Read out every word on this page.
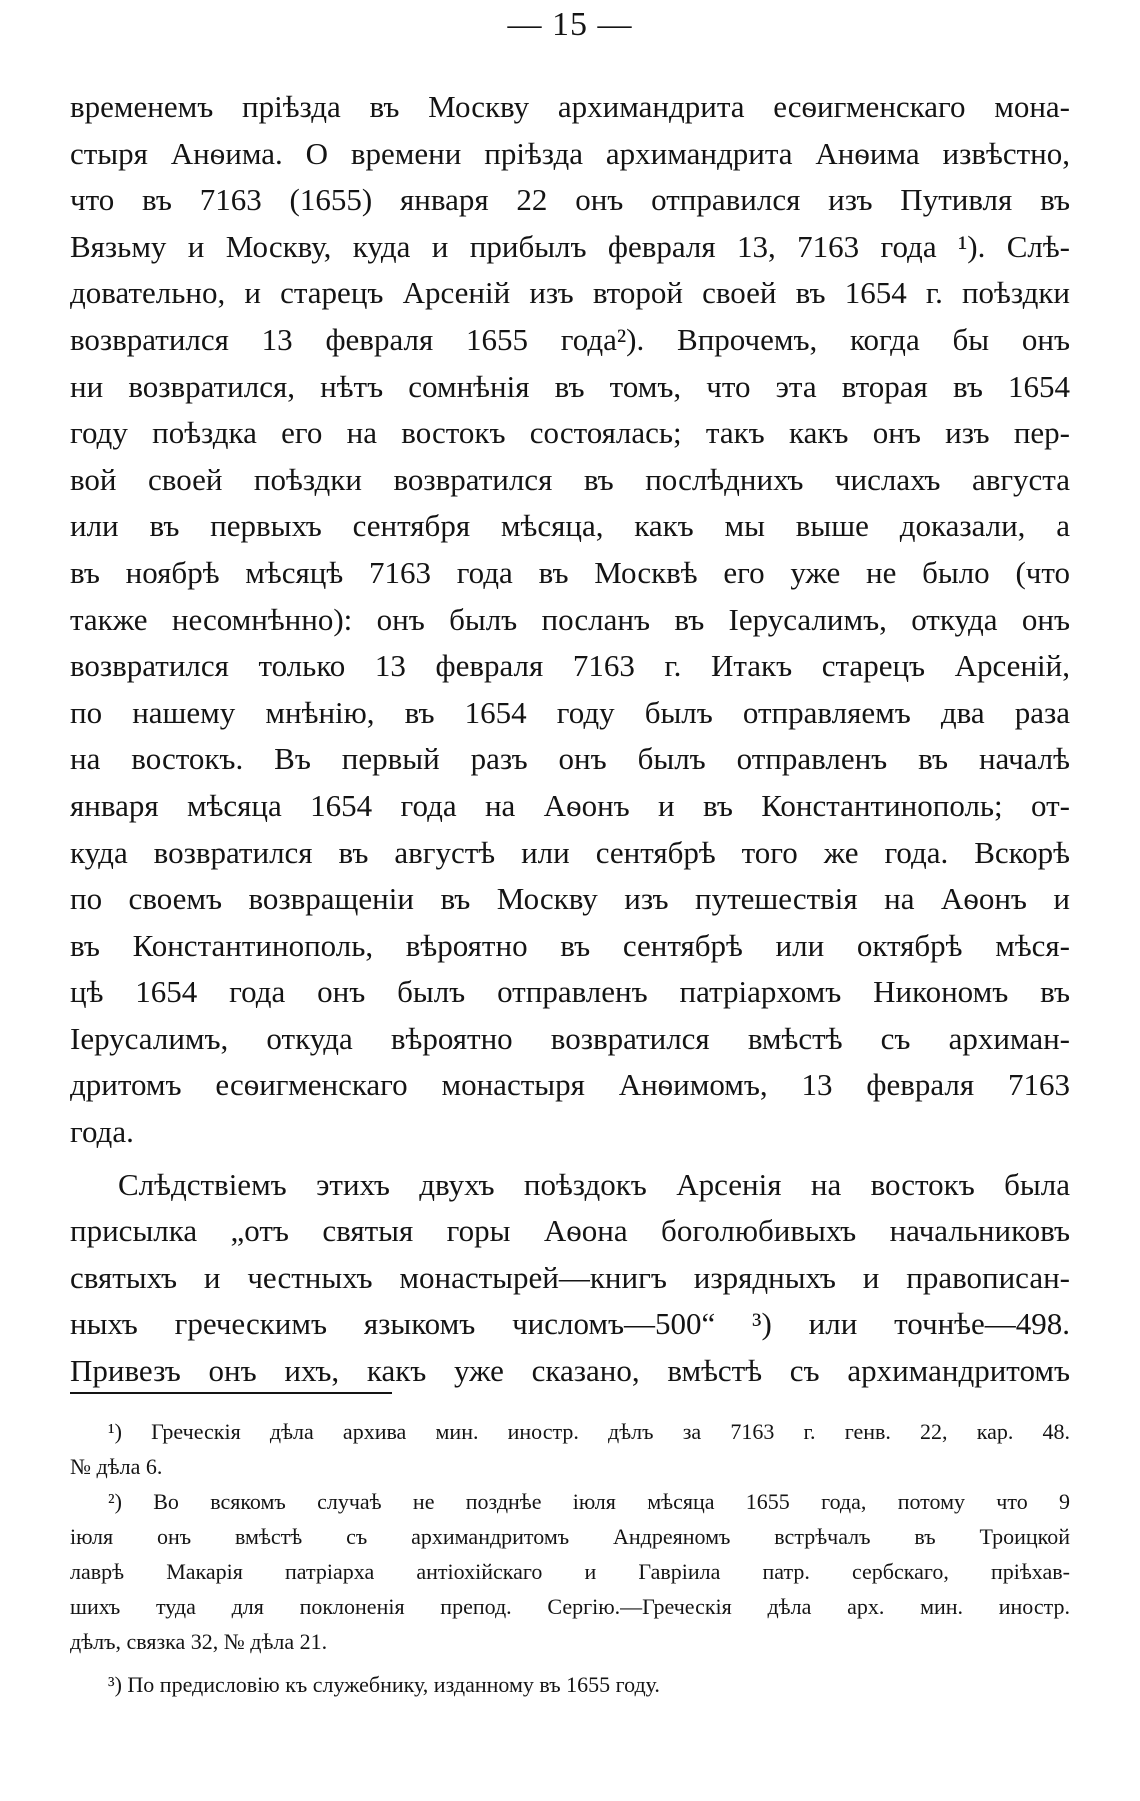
— 15 —
временемъ пріѣзда въ Москву архимандрита есѳигменскаго мона-
стыря Анѳима. О времени пріѣзда архимандрита Анѳима извѣстно,
что въ 7163 (1655) января 22 онъ отправился изъ Путивля въ
Вязьму и Москву, куда и прибылъ февраля 13, 7163 года ¹). Слѣ-
довательно, и старецъ Арсеній изъ второй своей въ 1654 г. поѣздки
возвратился 13 февраля 1655 года²). Впрочемъ, когда бы онъ
ни возвратился, нѣтъ сомнѣнія въ томъ, что эта вторая въ 1654
году поѣздка его на востокъ состоялась; такъ какъ онъ изъ пер-
вой своей поѣздки возвратился въ послѣднихъ числахъ августа
или въ первыхъ сентября мѣсяца, какъ мы выше доказали, а
въ ноябрѣ мѣсяцѣ 7163 года въ Москвѣ его уже не было (что
также несомнѣнно): онъ былъ посланъ въ Іерусалимъ, откуда онъ
возвратился только 13 февраля 7163 г. Итакъ старецъ Арсеній,
по нашему мнѣнію, въ 1654 году былъ отправляемъ два раза
на востокъ. Въ первый разъ онъ былъ отправленъ въ началѣ
января мѣсяца 1654 года на Аѳонъ и въ Константинополь; от-
куда возвратился въ августѣ или сентябрѣ того же года. Вскорѣ
по своемъ возвращеніи въ Москву изъ путешествія на Аѳонъ и
въ Константинополь, вѣроятно въ сентябрѣ или октябрѣ мѣся-
цѣ 1654 года онъ былъ отправленъ патріархомъ Никономъ въ
Іерусалимъ, откуда вѣроятно возвратился вмѣстѣ съ архиман-
дритомъ есѳигменскаго монастыря Анѳимомъ, 13 февраля 7163
года.
Слѣдствіемъ этихъ двухъ поѣздокъ Арсенія на востокъ была
присылка „отъ святыя горы Аѳона боголюбивыхъ начальниковъ
святыхъ и честныхъ монастырей—книгъ изрядныхъ и правописан-
ныхъ греческимъ языкомъ числомъ—500“ ³) или точнѣе—498.
Привезъ онъ ихъ, какъ уже сказано, вмѣстѣ съ архимандритомъ
¹) Греческія дѣла архива мин. иностр. дѣлъ за 7163 г. генв. 22, кар. 48.
№ дѣла 6.
²) Во всякомъ случаѣ не позднѣе іюля мѣсяца 1655 года, потому что 9
іюля онъ вмѣстѣ съ архимандритомъ Андреяномъ встрѣчалъ въ Троицкой
лаврѣ Макарія патріарха антіохійскаго и Гавріила патр. сербскаго, пріѣхав-
шихъ туда для поклоненія препод. Сергію.—Греческія дѣла арх. мин. иностр.
дѣлъ, связка 32, № дѣла 21.
³) По предисловію къ служебнику, изданному въ 1655 году.
